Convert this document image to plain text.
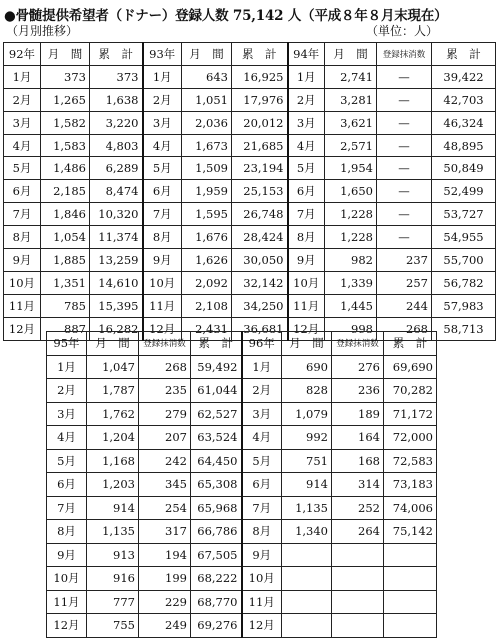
●骨髄提供希望者（ドナー）登録人数 75,142 人（平成８年８月末現在）
（月別推移）	（単位：人）
92年	月　間	累　計	93年	月　間	累　計	94年	月　間	登録抹消数	累　計
1月	373	373	1月	643	16,925	1月	2,741	—	39,422
2月	1,265	1,638	2月	1,051	17,976	2月	3,281	—	42,703
3月	1,582	3,220	3月	2,036	20,012	3月	3,621	—	46,324
4月	1,583	4,803	4月	1,673	21,685	4月	2,571	—	48,895
5月	1,486	6,289	5月	1,509	23,194	5月	1,954	—	50,849
6月	2,185	8,474	6月	1,959	25,153	6月	1,650	—	52,499
7月	1,846	10,320	7月	1,595	26,748	7月	1,228	—	53,727
8月	1,054	11,374	8月	1,676	28,424	8月	1,228	—	54,955
9月	1,885	13,259	9月	1,626	30,050	9月	982	237	55,700
10月	1,351	14,610	10月	2,092	32,142	10月	1,339	257	56,782
11月	785	15,395	11月	2,108	34,250	11月	1,445	244	57,983
12月	887	16,282	12月	2,431	36,681	12月	998	268	58,713
95年	月　間	登録抹消数	累　計	96年	月　間	登録抹消数	累　計
1月	1,047	268	59,492	1月	690	276	69,690
2月	1,787	235	61,044	2月	828	236	70,282
3月	1,762	279	62,527	3月	1,079	189	71,172
4月	1,204	207	63,524	4月	992	164	72,000
5月	1,168	242	64,450	5月	751	168	72,583
6月	1,203	345	65,308	6月	914	314	73,183
7月	914	254	65,968	7月	1,135	252	74,006
8月	1,135	317	66,786	8月	1,340	264	75,142
9月	913	194	67,505	9月			
10月	916	199	68,222	10月			
11月	777	229	68,770	11月			
12月	755	249	69,276	12月			
